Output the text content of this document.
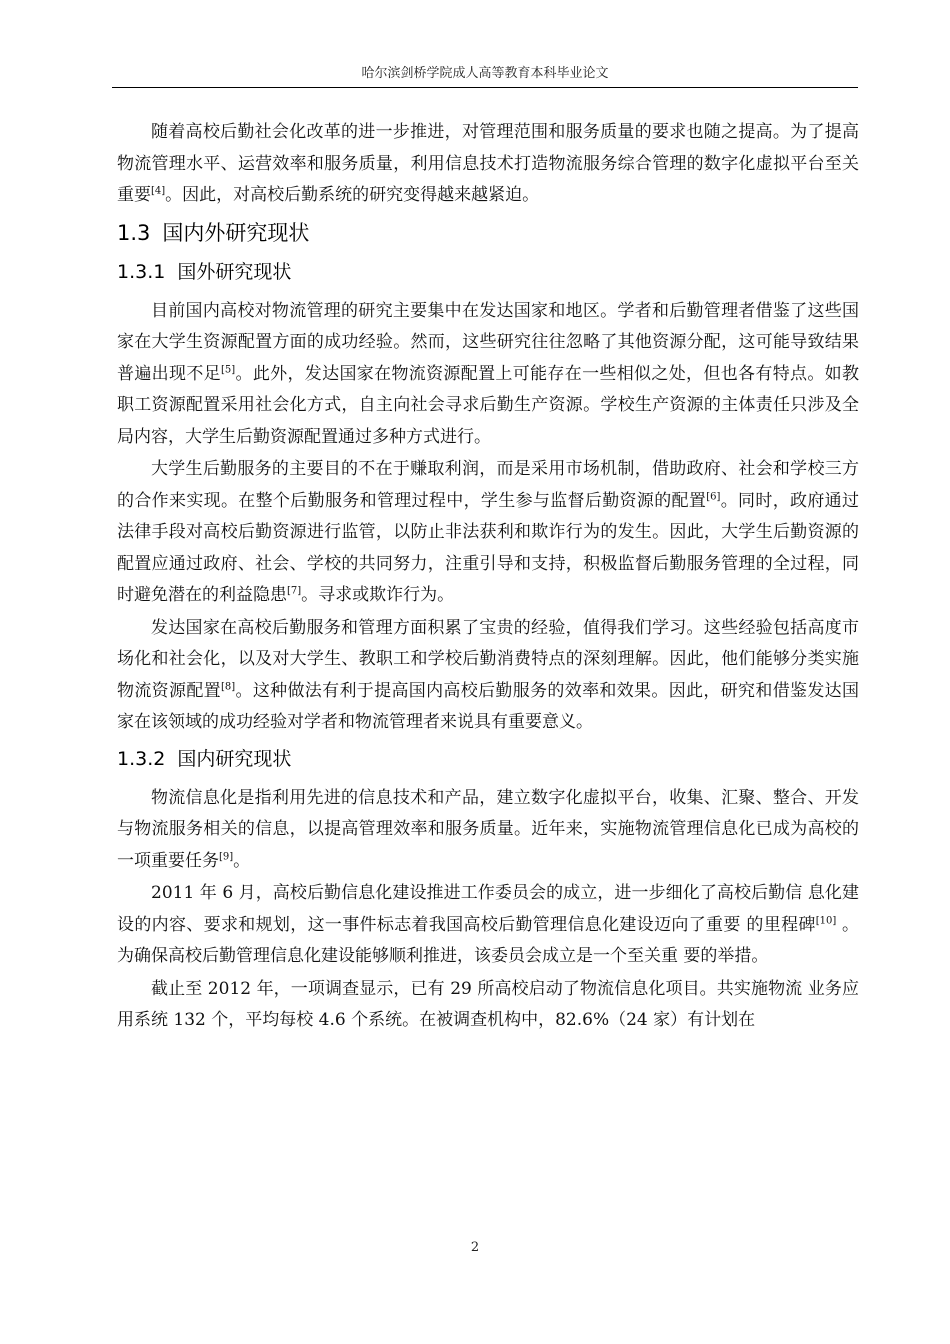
哈尔滨剑桥学院成人高等教育本科毕业论文

随着高校后勤社会化改革的进一步推进，对管理范围和服务质量的要求也随之提高。为了提高物流管理水平、运营效率和服务质量，利用信息技术打造物流服务综合管理的数字化虚拟平台至关重要[4]。因此，对高校后勤系统的研究变得越来越紧迫。

1.3 国内外研究现状
1.3.1 国外研究现状

目前国内高校对物流管理的研究主要集中在发达国家和地区。学者和后勤管理者借鉴了这些国家在大学生资源配置方面的成功经验。然而，这些研究往往忽略了其他资源分配，这可能导致结果普遍出现不足[5]。此外，发达国家在物流资源配置上可能存在一些相似之处，但也各有特点。如教职工资源配置采用社会化方式，自主向社会寻求后勤生产资源。学校生产资源的主体责任只涉及全局内容，大学生后勤资源配置通过多种方式进行。

大学生后勤服务的主要目的不在于赚取利润，而是采用市场机制，借助政府、社会和学校三方的合作来实现。在整个后勤服务和管理过程中，学生参与监督后勤资源的配置[6]。同时，政府通过法律手段对高校后勤资源进行监管，以防止非法获利和欺诈行为的发生。因此，大学生后勤资源的配置应通过政府、社会、学校的共同努力，注重引导和支持，积极监督后勤服务管理的全过程，同时避免潜在的利益隐患[7]。寻求或欺诈行为。

发达国家在高校后勤服务和管理方面积累了宝贵的经验，值得我们学习。这些经验包括高度市场化和社会化，以及对大学生、教职工和学校后勤消费特点的深刻理解。因此，他们能够分类实施物流资源配置[8]。这种做法有利于提高国内高校后勤服务的效率和效果。因此，研究和借鉴发达国家在该领域的成功经验对学者和物流管理者来说具有重要意义。

1.3.2 国内研究现状

物流信息化是指利用先进的信息技术和产品，建立数字化虚拟平台，收集、汇聚、整合、开发与物流服务相关的信息，以提高管理效率和服务质量。近年来，实施物流管理信息化已成为高校的一项重要任务[9]。

2011 年 6 月，高校后勤信息化建设推进工作委员会的成立，进一步细化了高校后勤信 息化建设的内容、要求和规划，这一事件标志着我国高校后勤管理信息化建设迈向了重要 的里程碑[10] 。为确保高校后勤管理信息化建设能够顺利推进，该委员会成立是一个至关重 要的举措。

截止至 2012 年，一项调查显示，已有 29 所高校启动了物流信息化项目。共实施物流 业务应用系统 132 个，平均每校 4.6 个系统。在被调查机构中，82.6%（24 家）有计划在

2
